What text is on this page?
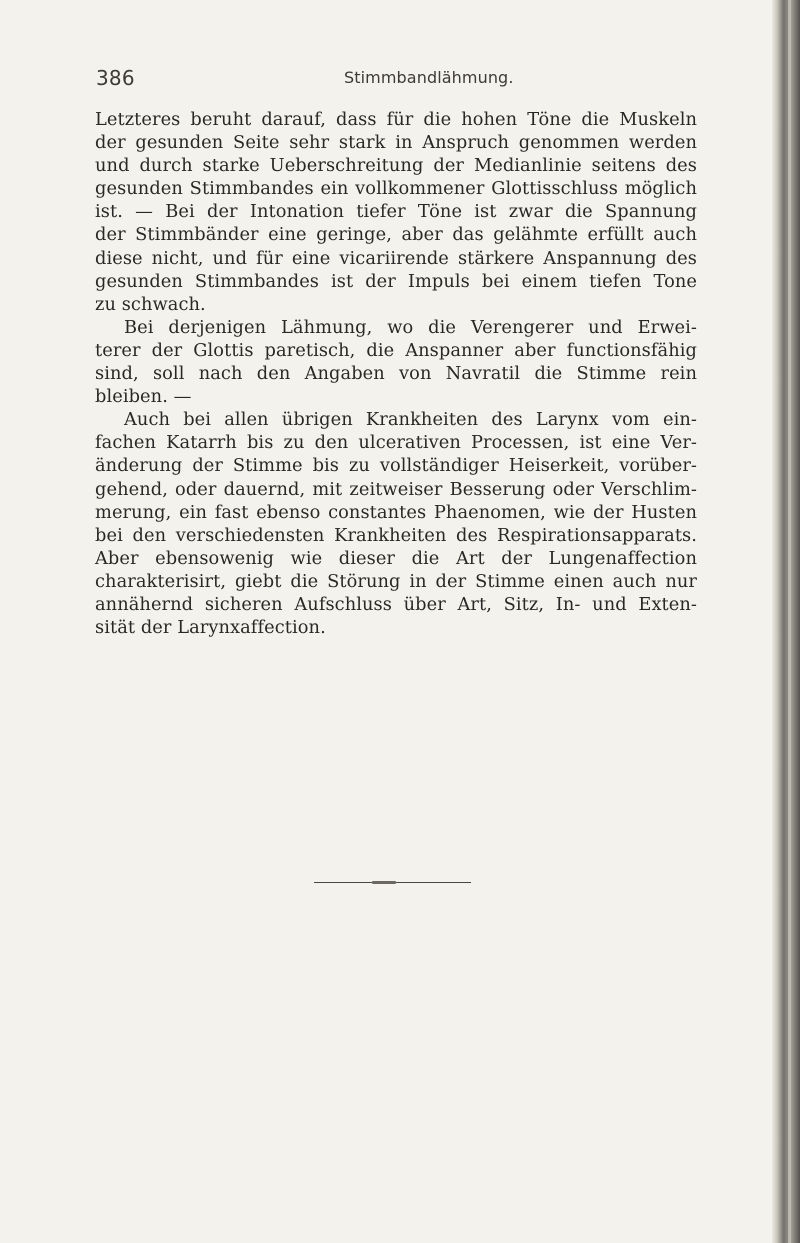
386	Stimmbandlähmung.
Letzteres beruht darauf, dass für die hohen Töne die Muskeln
der gesunden Seite sehr stark in Anspruch genommen werden
und durch starke Ueberschreitung der Medianlinie seitens des
gesunden Stimmbandes ein vollkommener Glottisschluss möglich
ist. — Bei der Intonation tiefer Töne ist zwar die Spannung
der Stimmbänder eine geringe, aber das gelähmte erfüllt auch
diese nicht, und für eine vicariirende stärkere Anspannung des
gesunden Stimmbandes ist der Impuls bei einem tiefen Tone
zu schwach.
Bei derjenigen Lähmung, wo die Verengerer und Erwei-
terer der Glottis paretisch, die Anspanner aber functionsfähig
sind, soll nach den Angaben von Navratil die Stimme rein
bleiben. —
Auch bei allen übrigen Krankheiten des Larynx vom ein-
fachen Katarrh bis zu den ulcerativen Processen, ist eine Ver-
änderung der Stimme bis zu vollständiger Heiserkeit, vorüber-
gehend, oder dauernd, mit zeitweiser Besserung oder Verschlim-
merung, ein fast ebenso constantes Phaenomen, wie der Husten
bei den verschiedensten Krankheiten des Respirationsapparats.
Aber ebensowenig wie dieser die Art der Lungenaffection
charakterisirt, giebt die Störung in der Stimme einen auch nur
annähernd sicheren Aufschluss über Art, Sitz, In- und Exten-
sität der Larynxaffection.
